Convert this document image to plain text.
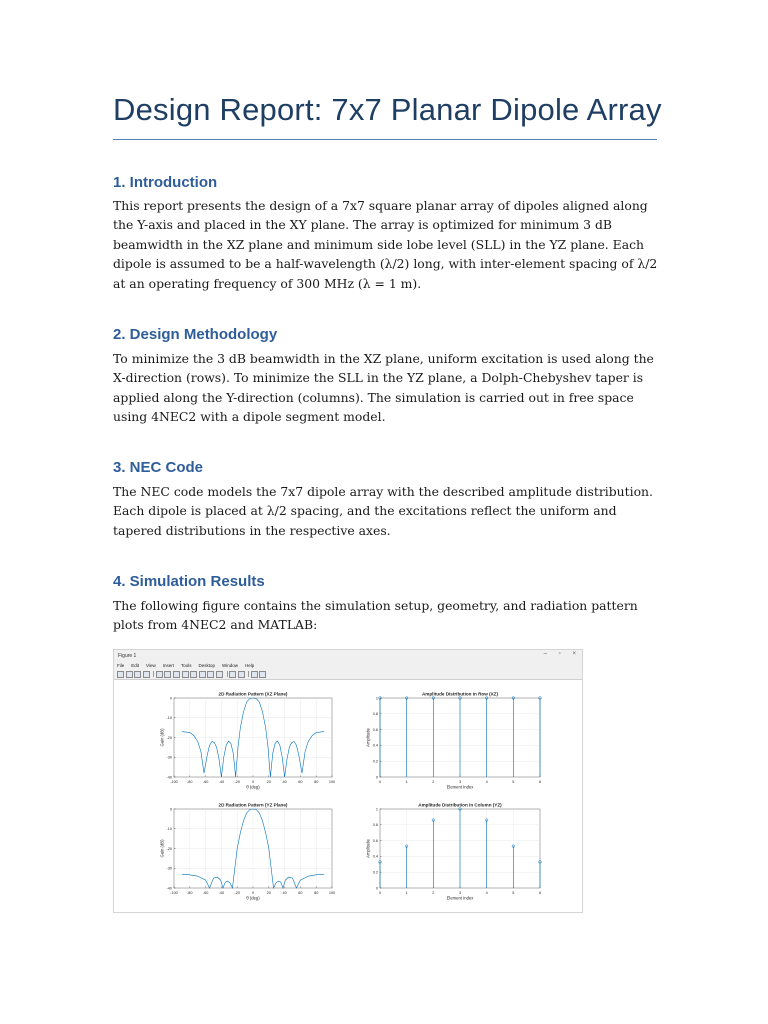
Design Report: 7x7 Planar Dipole Array
1. Introduction

This report presents the design of a 7x7 square planar array of dipoles aligned along the Y-axis and placed in the XY plane. The array is optimized for minimum 3 dB beamwidth in the XZ plane and minimum side lobe level (SLL) in the YZ plane. Each dipole is assumed to be a half-wavelength (λ/2) long, with inter-element spacing of λ/2 at an operating frequency of 300 MHz (λ = 1 m).

2. Design Methodology

To minimize the 3 dB beamwidth in the XZ plane, uniform excitation is used along the X-direction (rows). To minimize the SLL in the YZ plane, a Dolph-Chebyshev taper is applied along the Y-direction (columns). The simulation is carried out in free space using 4NEC2 with a dipole segment model.

3. NEC Code

The NEC code models the 7x7 dipole array with the described amplitude distribution. Each dipole is placed at λ/2 spacing, and the excitations reflect the uniform and tapered distributions in the respective axes.

4. Simulation Results

The following figure contains the simulation setup, geometry, and radiation pattern plots from 4NEC2 and MATLAB:

Figure 1	– ▫ ×
File Edit View Insert Tools Desktop Window Help
-100 -80	-60	-40	-20	0	20	40	60	80	100
0
-10
-20
-30
-40
2D Radiation Pattern (XZ Plane)
θ (deg)
Gain (dB)
0	1	2	3	4	5	6
0
0.2
0.4
0.6
0.8
1
Amplitude Distribution in Row (XZ)
Element Index
Amplitude
-100 -80	-60	-40	-20	0	20	40	60	80	100
0
-10
-20
-30
-40
2D Radiation Pattern (YZ Plane)
θ (deg)
Gain (dB)
0	1	2	3	4	5	6
0
0.2
0.4
0.6
0.8
1
Amplitude Distribution in Column (YZ)
Element Index
Amplitude
